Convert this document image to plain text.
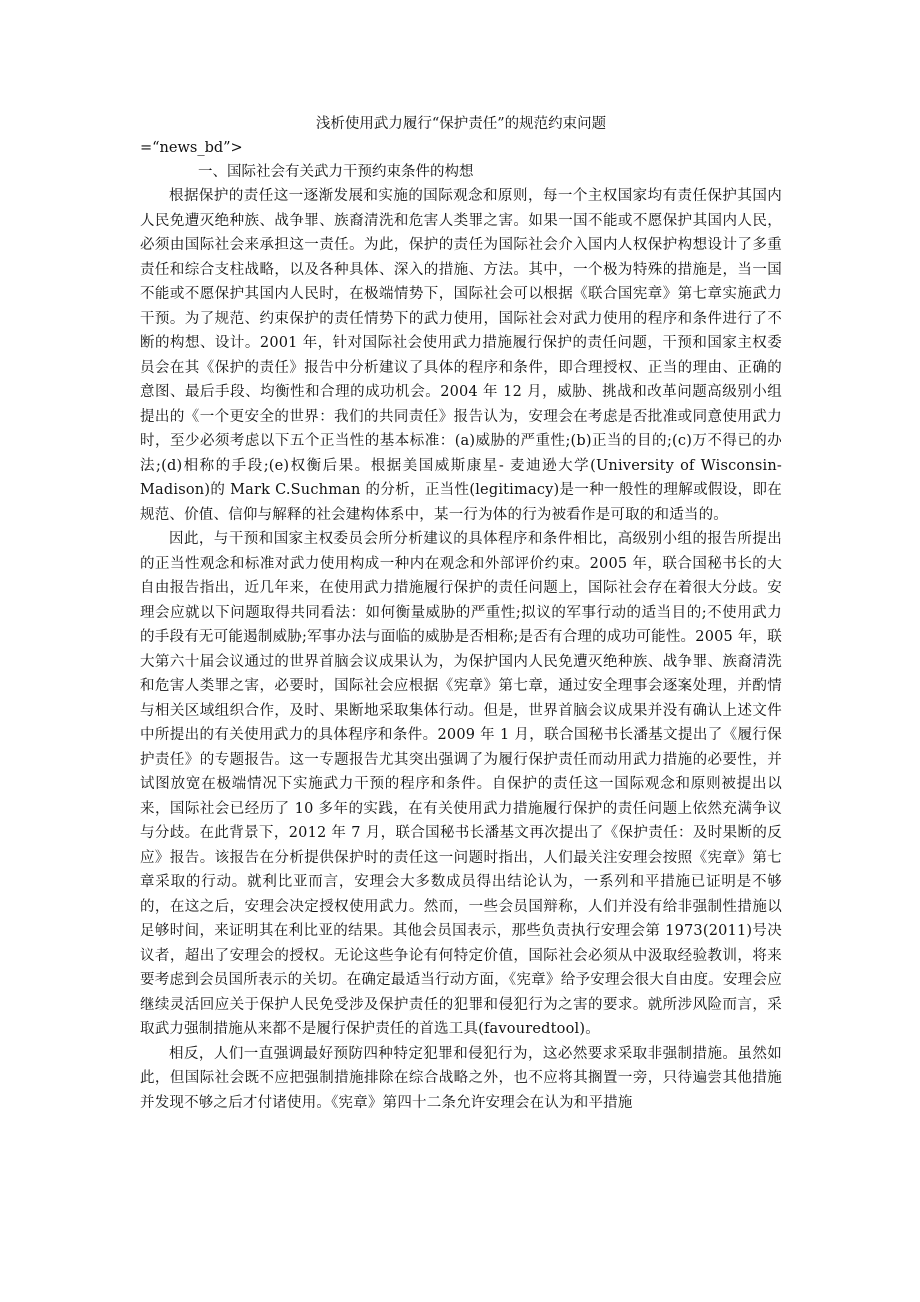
浅析使用武力履行“保护责任”的规范约束问题

=“news_bd”>

一、国际社会有关武力干预约束条件的构想

根据保护的责任这一逐渐发展和实施的国际观念和原则，每一个主权国家均有责任保护其国内人民免遭灭绝种族、战争罪、族裔清洗和危害人类罪之害。如果一国不能或不愿保护其国内人民，必须由国际社会来承担这一责任。为此，保护的责任为国际社会介入国内人权保护构想设计了多重责任和综合支柱战略，以及各种具体、深入的措施、方法。其中，一个极为特殊的措施是，当一国不能或不愿保护其国内人民时，在极端情势下，国际社会可以根据《联合国宪章》第七章实施武力干预。为了规范、约束保护的责任情势下的武力使用，国际社会对武力使用的程序和条件进行了不断的构想、设计。2001 年，针对国际社会使用武力措施履行保护的责任问题，干预和国家主权委员会在其《保护的责任》报告中分析建议了具体的程序和条件，即合理授权、正当的理由、正确的意图、最后手段、均衡性和合理的成功机会。2004 年 12 月，威胁、挑战和改革问题高级别小组提出的《一个更安全的世界：我们的共同责任》报告认为，安理会在考虑是否批准或同意使用武力时，至少必须考虑以下五个正当性的基本标准：(a)威胁的严重性;(b)正当的目的;(c)万不得已的办法;(d)相称的手段;(e)权衡后果。根据美国威斯康星- 麦迪逊大学(University of Wisconsin-Madison)的 Mark C.Suchman 的分析，正当性(legitimacy)是一种一般性的理解或假设，即在规范、价值、信仰与解释的社会建构体系中，某一行为体的行为被看作是可取的和适当的。

因此，与干预和国家主权委员会所分析建议的具体程序和条件相比，高级别小组的报告所提出的正当性观念和标准对武力使用构成一种内在观念和外部评价约束。2005 年，联合国秘书长的大自由报告指出，近几年来，在使用武力措施履行保护的责任问题上，国际社会存在着很大分歧。安理会应就以下问题取得共同看法：如何衡量威胁的严重性;拟议的军事行动的适当目的;不使用武力的手段有无可能遏制威胁;军事办法与面临的威胁是否相称;是否有合理的成功可能性。2005 年，联大第六十届会议通过的世界首脑会议成果认为，为保护国内人民免遭灭绝种族、战争罪、族裔清洗和危害人类罪之害，必要时，国际社会应根据《宪章》第七章，通过安全理事会逐案处理，并酌情与相关区域组织合作，及时、果断地采取集体行动。但是，世界首脑会议成果并没有确认上述文件中所提出的有关使用武力的具体程序和条件。2009 年 1 月，联合国秘书长潘基文提出了《履行保护责任》的专题报告。这一专题报告尤其突出强调了为履行保护责任而动用武力措施的必要性，并试图放宽在极端情况下实施武力干预的程序和条件。自保护的责任这一国际观念和原则被提出以来，国际社会已经历了 10 多年的实践，在有关使用武力措施履行保护的责任问题上依然充满争议与分歧。在此背景下，2012 年 7 月，联合国秘书长潘基文再次提出了《保护责任：及时果断的反应》报告。该报告在分析提供保护时的责任这一问题时指出，人们最关注安理会按照《宪章》第七章采取的行动。就利比亚而言，安理会大多数成员得出结论认为，一系列和平措施已证明是不够的，在这之后，安理会决定授权使用武力。然而，一些会员国辩称，人们并没有给非强制性措施以足够时间，来证明其在利比亚的结果。其他会员国表示，那些负责执行安理会第 1973(2011)号决议者，超出了安理会的授权。无论这些争论有何特定价值，国际社会必须从中汲取经验教训，将来要考虑到会员国所表示的关切。在确定最适当行动方面，《宪章》给予安理会很大自由度。安理会应继续灵活回应关于保护人民免受涉及保护责任的犯罪和侵犯行为之害的要求。就所涉风险而言，采取武力强制措施从来都不是履行保护责任的首选工具(favouredtool)。

相反，人们一直强调最好预防四种特定犯罪和侵犯行为，这必然要求采取非强制措施。虽然如此，但国际社会既不应把强制措施排除在综合战略之外，也不应将其搁置一旁，只待遍尝其他措施并发现不够之后才付诸使用。《宪章》第四十二条允许安理会在认为和平措施
